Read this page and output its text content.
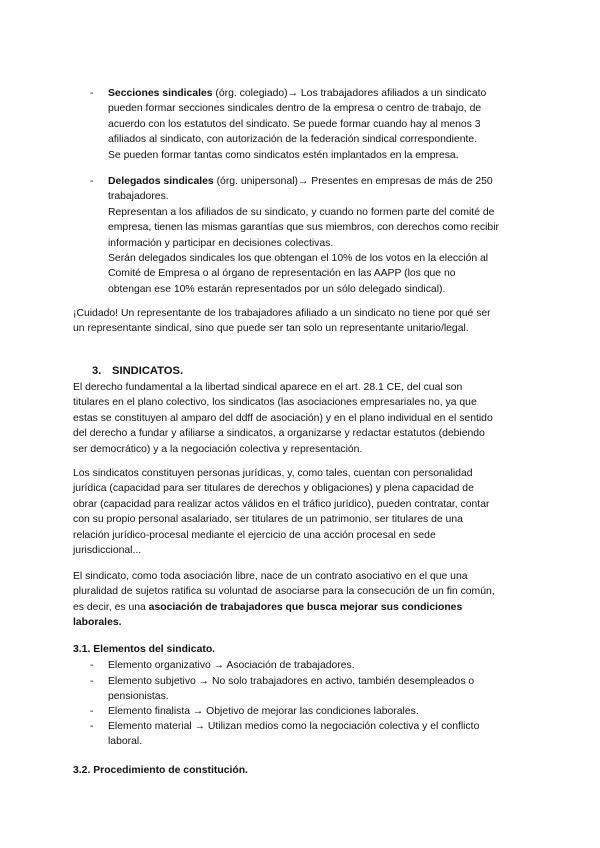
-	Secciones sindicales (órg. colegiado)→ Los trabajadores afiliados a un sindicato
pueden formar secciones sindicales dentro de la empresa o centro de trabajo, de
acuerdo con los estatutos del sindicato. Se puede formar cuando hay al menos 3
afiliados al sindicato, con autorización de la federación sindical correspondiente.
Se pueden formar tantas como sindicatos estén implantados en la empresa.
-	Delegados sindicales (órg. unipersonal)→ Presentes en empresas de más de 250
trabajadores.
Representan a los afiliados de su sindicato, y cuando no formen parte del comité de
empresa, tienen las mismas garantías que sus miembros, con derechos como recibir
información y participar en decisiones colectivas.
Serán delegados sindicales los que obtengan el 10% de los votos en la elección al
Comité de Empresa o al órgano de representación en las AAPP (los que no
obtengan ese 10% estarán representados por un sólo delegado sindical).
¡Cuidado! Un representante de los trabajadores afiliado a un sindicato no tiene por qué ser
un representante sindical, sino que puede ser tan solo un representante unitario/legal.
3. SINDICATOS.
El derecho fundamental a la libertad sindical aparece en el art. 28.1 CE, del cual son
titulares en el plano colectivo, los sindicatos (las asociaciones empresariales no, ya que
estas se constituyen al amparo del ddff de asociación) y en el plano individual en el sentido
del derecho a fundar y afiliarse a sindicatos, a organizarse y redactar estatutos (debiendo
ser democrático) y a la negociación colectiva y representación.
Los sindicatos constituyen personas jurídicas, y, como tales, cuentan con personalidad
jurídica (capacidad para ser titulares de derechos y obligaciones) y plena capacidad de
obrar (capacidad para realizar actos válidos en el tráfico jurídico), pueden contratar, contar
con su propio personal asalariado, ser titulares de un patrimonio, ser titulares de una
relación jurídico-procesal mediante el ejercicio de una acción procesal en sede
jurisdiccional...
El sindicato, como toda asociación libre, nace de un contrato asociativo en el que una
pluralidad de sujetos ratifica su voluntad de asociarse para la consecución de un fin común,
es decir, es una asociación de trabajadores que busca mejorar sus condiciones
laborales.
3.1. Elementos del sindicato.
-	Elemento organizativo → Asociación de trabajadores.
-	Elemento subjetivo → No solo trabajadores en activo, también desempleados o
pensionistas.
-	Elemento finalista → Objetivo de mejorar las condiciones laborales.
-	Elemento material → Utilizan medios como la negociación colectiva y el conflicto
laboral.
3.2. Procedimiento de constitución.
